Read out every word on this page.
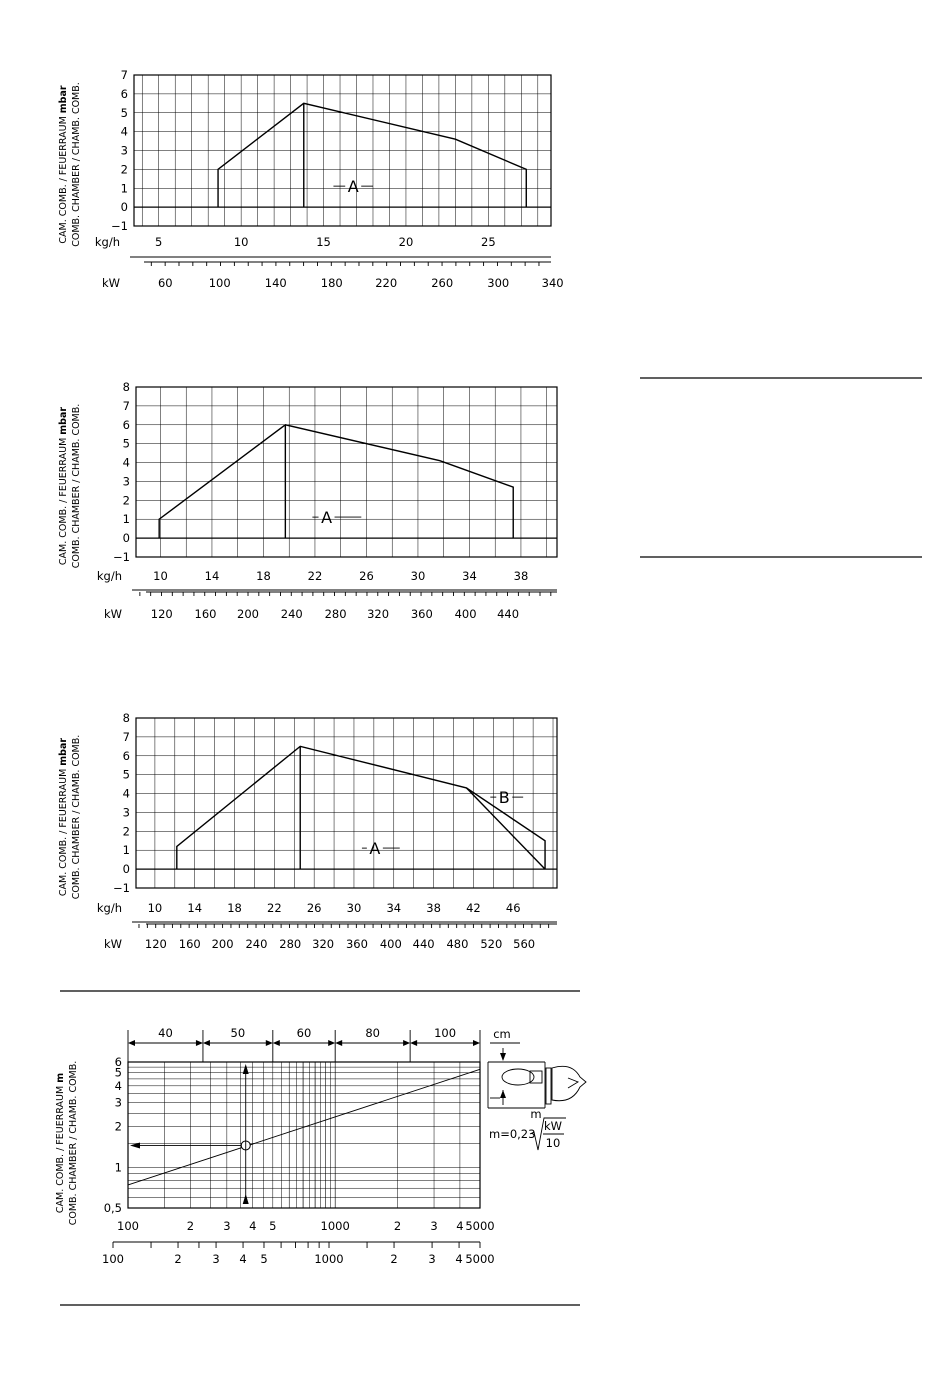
7
6
5
4
3
2
1
0
−1
CAM. COMB. / FEUERRAUM mbar COMB. CHAMBER / CHAMB. COMB. kg/h	5	10	15	20	25
kW	60	100	140	180	220	260	300	340
A
8
7
6
5
4
3
2
1
0
−1
CAM. COMB. / FEUERRAUM mbar COMB. CHAMBER / CHAMB. COMB.
kg/h	10	14	18	22	26	30	34	38
kW	120 160 200 240 280 320 360 400 440
A
8
7
6
5
4
3
2
1
0
−1
CAM. COMB. / FEUERRAUM mbar COMB. CHAMBER / CHAMB. COMB.
kg/h 10 14 18 22 26 30 34 38 42 46
kW 120 160 200 240 280 320 360 400 440 480 520 560
A
B
6
5
4
3
2
1
0,5
CAM. COMB. / FEUERRAUM m COMB. CHAMBER / CHAMB. COMB.
100	2	3 4 5	1000	2	3 4 5000
100	2	3 4 5	1000	2	3 4 5000
40	50	60	80	100	cm
m
m=0,23
kW
10
